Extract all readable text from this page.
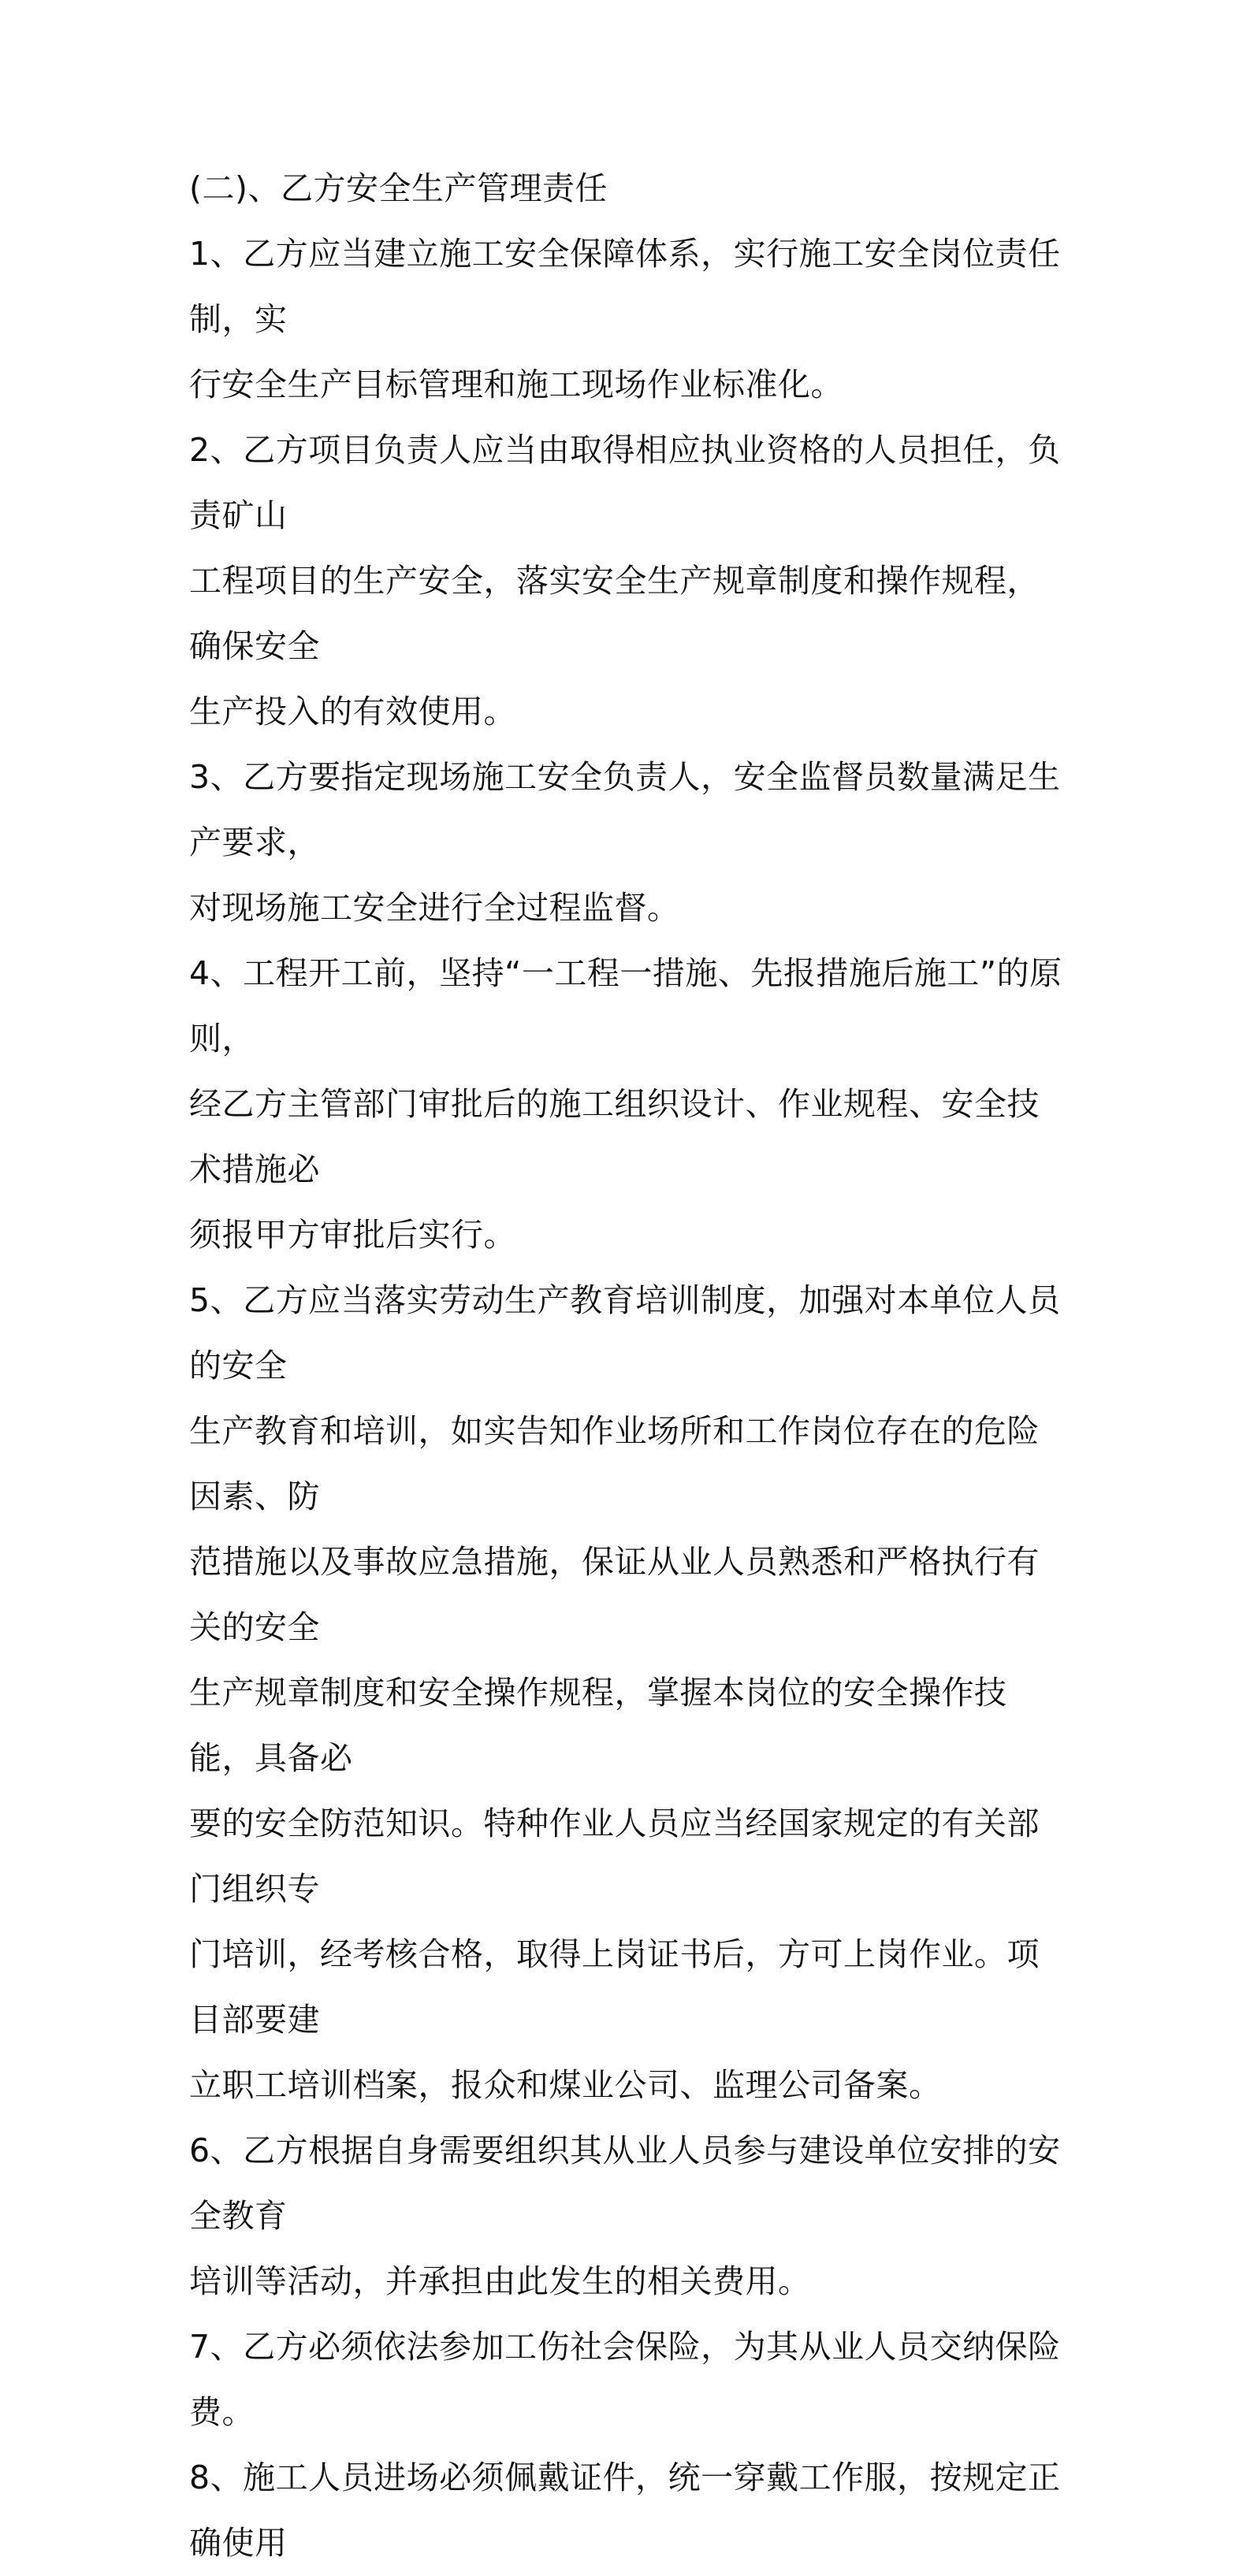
(二)、乙方安全生产管理责任

1、乙方应当建立施工安全保障体系，实行施工安全岗位责任制，实
行安全生产目标管理和施工现场作业标准化。

2、乙方项目负责人应当由取得相应执业资格的人员担任，负责矿山
工程项目的生产安全，落实安全生产规章制度和操作规程，确保安全
生产投入的有效使用。

3、乙方要指定现场施工安全负责人，安全监督员数量满足生产要求，
对现场施工安全进行全过程监督。

4、工程开工前，坚持“一工程一措施、先报措施后施工”的原则，
经乙方主管部门审批后的施工组织设计、作业规程、安全技术措施必
须报甲方审批后实行。

5、乙方应当落实劳动生产教育培训制度，加强对本单位人员的安全
生产教育和培训，如实告知作业场所和工作岗位存在的危险因素、防
范措施以及事故应急措施，保证从业人员熟悉和严格执行有关的安全
生产规章制度和安全操作规程，掌握本岗位的安全操作技能，具备必
要的安全防范知识。特种作业人员应当经国家规定的有关部门组织专
门培训，经考核合格，取得上岗证书后，方可上岗作业。项目部要建
立职工培训档案，报众和煤业公司、监理公司备案。

6、乙方根据自身需要组织其从业人员参与建设单位安排的安全教育
培训等活动，并承担由此发生的相关费用。

7、乙方必须依法参加工伤社会保险，为其从业人员交纳保险费。

8、施工人员进场必须佩戴证件，统一穿戴工作服，按规定正确使用
